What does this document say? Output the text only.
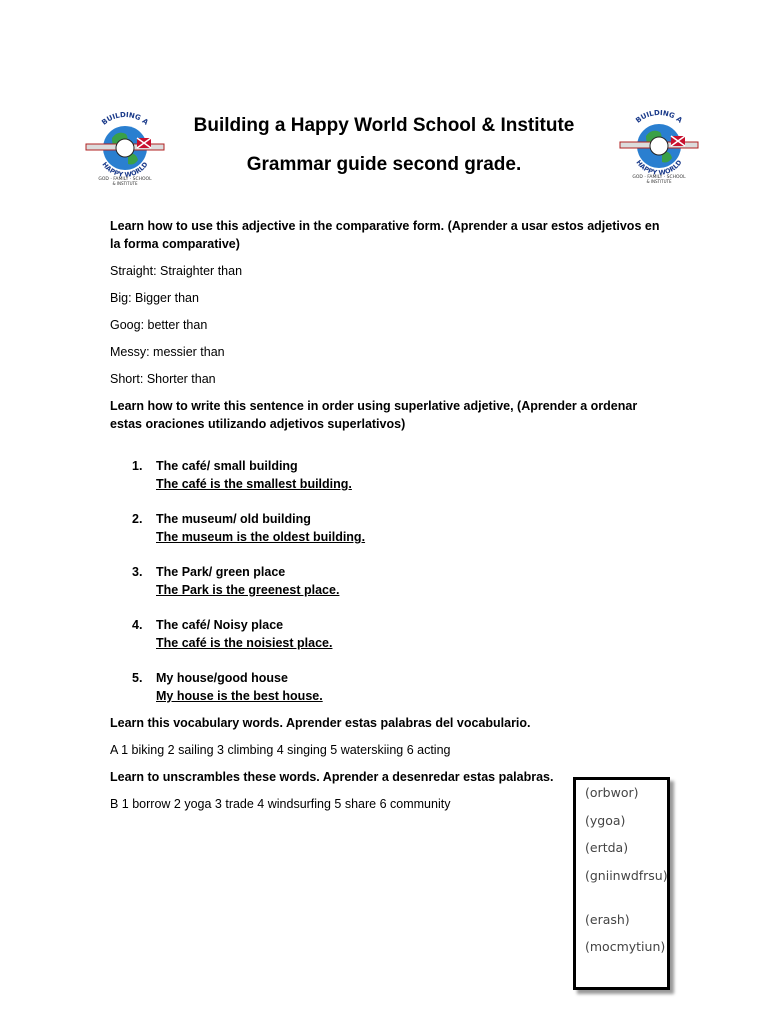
BUILDING A
HAPPY WORLD
GOD · FAMILY · SCHOOL
& INSTITUTE
BUILDING A
HAPPY WORLD
GOD · FAMILY · SCHOOL
& INSTITUTE
Building a Happy World School & Institute
Grammar guide second grade.

Learn how to use this adjective in the comparative form. (Aprender a usar estos adjetivos en la forma comparative)

Straight: Straighter than

Big: Bigger than

Goog: better than

Messy: messier than

Short: Shorter than

Learn how to write this sentence in order using superlative adjetive, (Aprender a ordenar estas oraciones utilizando adjetivos superlativos)

1. The café/ small building
The café is the smallest building.
2. The museum/ old building
The museum is the oldest building.
3. The Park/ green place
The Park is the greenest place.
4. The café/ Noisy place
The café is the noisiest place.
5. My house/good house
My house is the best house.

Learn this vocabulary words. Aprender estas palabras del vocabulario.

A 1 biking 2 sailing 3 climbing 4 singing 5 waterskiing 6 acting

Learn to unscrambles these words. Aprender a desenredar estas palabras.

B 1 borrow 2 yoga 3 trade 4 windsurfing 5 share 6 community

(orbwor)
(ygoa)
(ertda)
(gniinwdfrsu)
(erash)
(mocmytiun)
